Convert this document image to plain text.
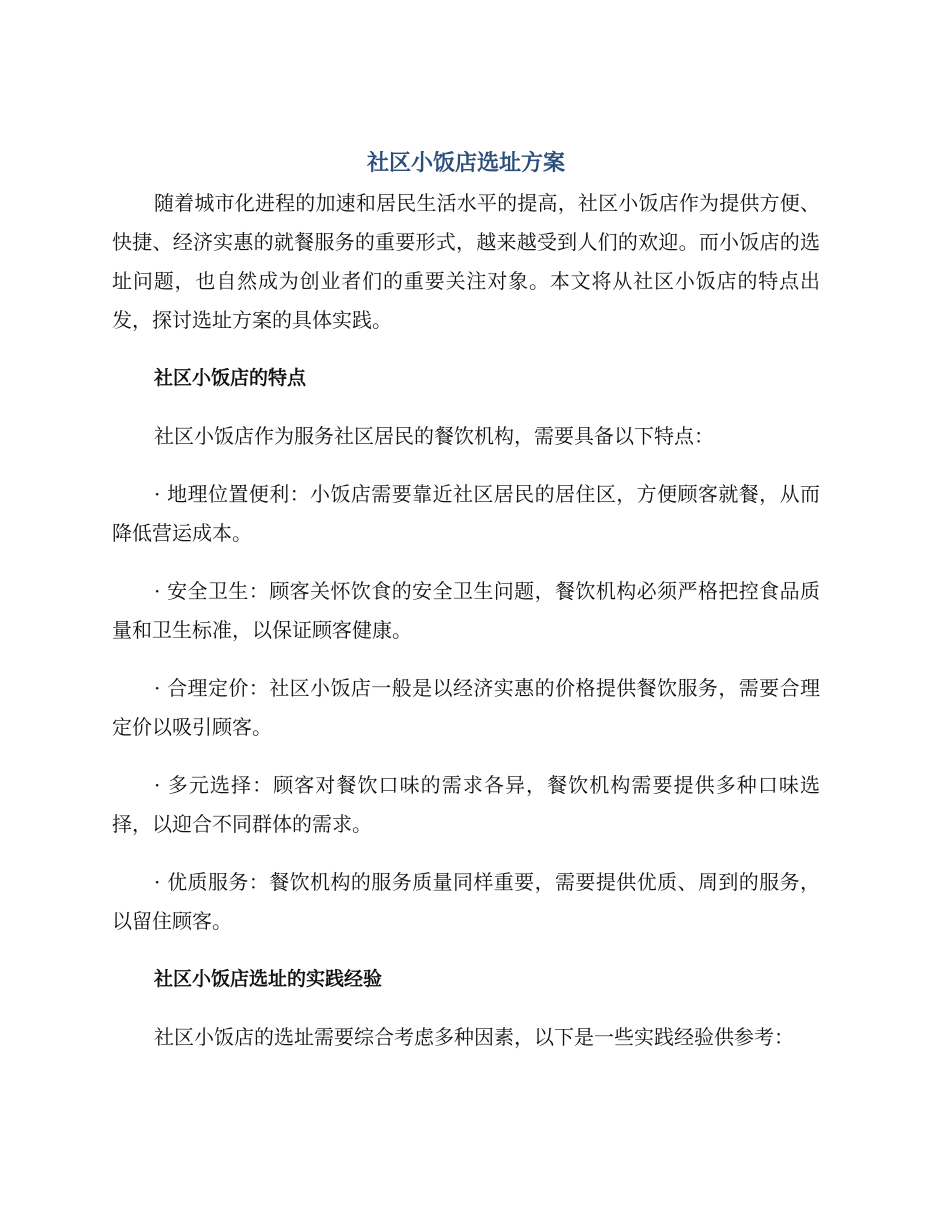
社区小饭店选址方案

随着城市化进程的加速和居民生活水平的提高，社区小饭店作为提供方便、快捷、经济实惠的就餐服务的重要形式，越来越受到人们的欢迎。而小饭店的选址问题，也自然成为创业者们的重要关注对象。本文将从社区小饭店的特点出发，探讨选址方案的具体实践。

社区小饭店的特点

社区小饭店作为服务社区居民的餐饮机构，需要具备以下特点：

· 地理位置便利：小饭店需要靠近社区居民的居住区，方便顾客就餐，从而降低营运成本。

· 安全卫生：顾客关怀饮食的安全卫生问题，餐饮机构必须严格把控食品质量和卫生标准，以保证顾客健康。

· 合理定价：社区小饭店一般是以经济实惠的价格提供餐饮服务，需要合理定价以吸引顾客。

· 多元选择：顾客对餐饮口味的需求各异，餐饮机构需要提供多种口味选择，以迎合不同群体的需求。

· 优质服务：餐饮机构的服务质量同样重要，需要提供优质、周到的服务，以留住顾客。

社区小饭店选址的实践经验

社区小饭店的选址需要综合考虑多种因素，以下是一些实践经验供参考：
